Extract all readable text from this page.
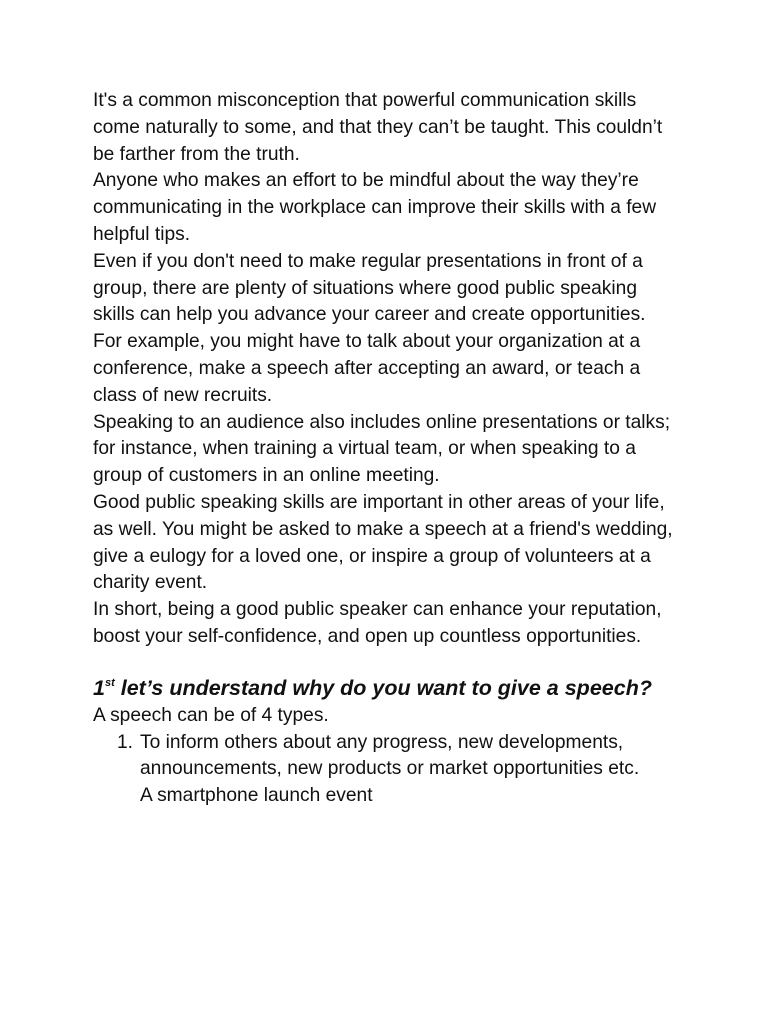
It's a common misconception that powerful communication skills come naturally to some, and that they can’t be taught. This couldn’t be farther from the truth.

Anyone who makes an effort to be mindful about the way they’re communicating in the workplace can improve their skills with a few helpful tips.

Even if you don't need to make regular presentations in front of a group, there are plenty of situations where good public speaking skills can help you advance your career and create opportunities.

For example, you might have to talk about your organization at a conference, make a speech after accepting an award, or teach a class of new recruits.

Speaking to an audience also includes online presentations or talks; for instance, when training a virtual team, or when speaking to a group of customers in an online meeting.

Good public speaking skills are important in other areas of your life, as well. You might be asked to make a speech at a friend's wedding, give a eulogy for a loved one, or inspire a group of volunteers at a charity event.

In short, being a good public speaker can enhance your reputation, boost your self-confidence, and open up countless opportunities.

1st let’s understand why do you want to give a speech?

A speech can be of 4 types.

1. To inform others about any progress, new developments, announcements, new products or market opportunities etc.
A smartphone launch event
